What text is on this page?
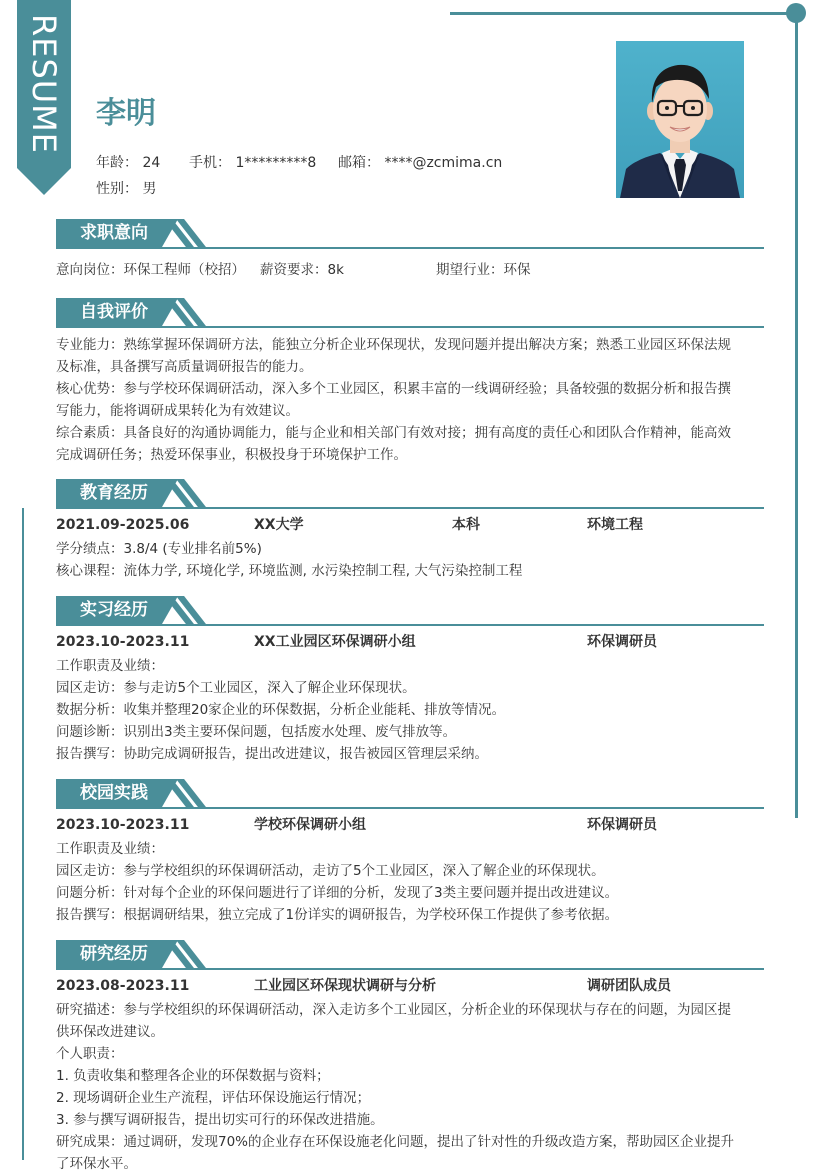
RESUME 李明
年龄： 24 手机： 1*********8 邮箱： ****@zcmima.cn
性别： 男
求职意向
意向岗位：环保工程师（校招） 薪资要求：8k	期望行业：环保
自我评价
专业能力：熟练掌握环保调研方法，能独立分析企业环保现状，发现问题并提出解决方案；熟悉工业园区环保法规
及标准，具备撰写高质量调研报告的能力。
核心优势：参与学校环保调研活动，深入多个工业园区，积累丰富的一线调研经验；具备较强的数据分析和报告撰
写能力，能将调研成果转化为有效建议。
综合素质：具备良好的沟通协调能力，能与企业和相关部门有效对接；拥有高度的责任心和团队合作精神，能高效
完成调研任务；热爱环保事业，积极投身于环境保护工作。
教育经历
2021.09-2025.06	XX大学	本科	环境工程
学分绩点：3.8/4 (专业排名前5%)
核心课程：流体力学, 环境化学, 环境监测, 水污染控制工程, 大气污染控制工程
实习经历
2023.10-2023.11	XX工业园区环保调研小组	环保调研员
工作职责及业绩：
园区走访：参与走访5个工业园区，深入了解企业环保现状。
数据分析：收集并整理20家企业的环保数据，分析企业能耗、排放等情况。
问题诊断：识别出3类主要环保问题，包括废水处理、废气排放等。
报告撰写：协助完成调研报告，提出改进建议，报告被园区管理层采纳。
校园实践
2023.10-2023.11	学校环保调研小组	环保调研员
工作职责及业绩：
园区走访：参与学校组织的环保调研活动，走访了5个工业园区，深入了解企业的环保现状。
问题分析：针对每个企业的环保问题进行了详细的分析，发现了3类主要问题并提出改进建议。
报告撰写：根据调研结果，独立完成了1份详实的调研报告，为学校环保工作提供了参考依据。
研究经历
2023.08-2023.11	工业园区环保现状调研与分析	调研团队成员
研究描述：参与学校组织的环保调研活动，深入走访多个工业园区，分析企业的环保现状与存在的问题，为园区提
供环保改进建议。
个人职责：
1. 负责收集和整理各企业的环保数据与资料；
2. 现场调研企业生产流程，评估环保设施运行情况；
3. 参与撰写调研报告，提出切实可行的环保改进措施。
研究成果：通过调研，发现70%的企业存在环保设施老化问题，提出了针对性的升级改造方案，帮助园区企业提升
了环保水平。
